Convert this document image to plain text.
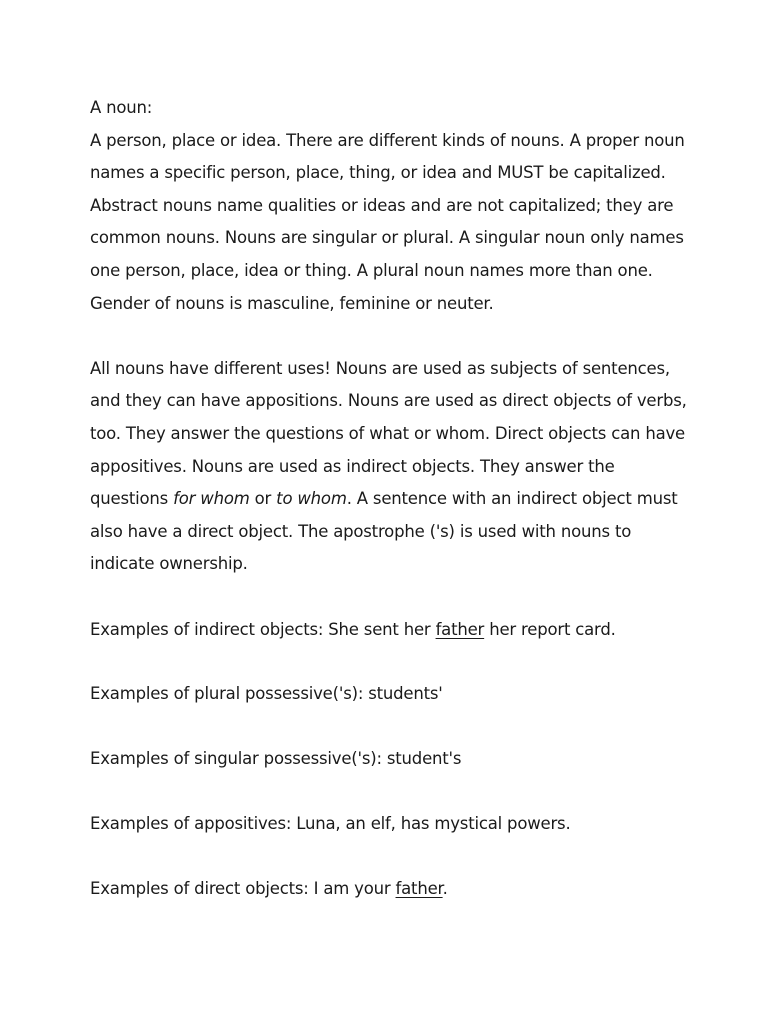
A noun:

A person, place or idea. There are different kinds of nouns. A proper noun names a specific person, place, thing, or idea and MUST be capitalized. Abstract nouns name qualities or ideas and are not capitalized; they are common nouns. Nouns are singular or plural. A singular noun only names one person, place, idea or thing. A plural noun names more than one. Gender of nouns is masculine, feminine or neuter.

All nouns have different uses! Nouns are used as subjects of sentences, and they can have appositions. Nouns are used as direct objects of verbs, too. They answer the questions of what or whom. Direct objects can have appositives. Nouns are used as indirect objects. They answer the questions for whom or to whom. A sentence with an indirect object must also have a direct object. The apostrophe ('s) is used with nouns to indicate ownership.

Examples of indirect objects: She sent her father her report card.

Examples of plural possessive('s): students'

Examples of singular possessive('s): student's

Examples of appositives: Luna, an elf, has mystical powers.

Examples of direct objects: I am your father.
